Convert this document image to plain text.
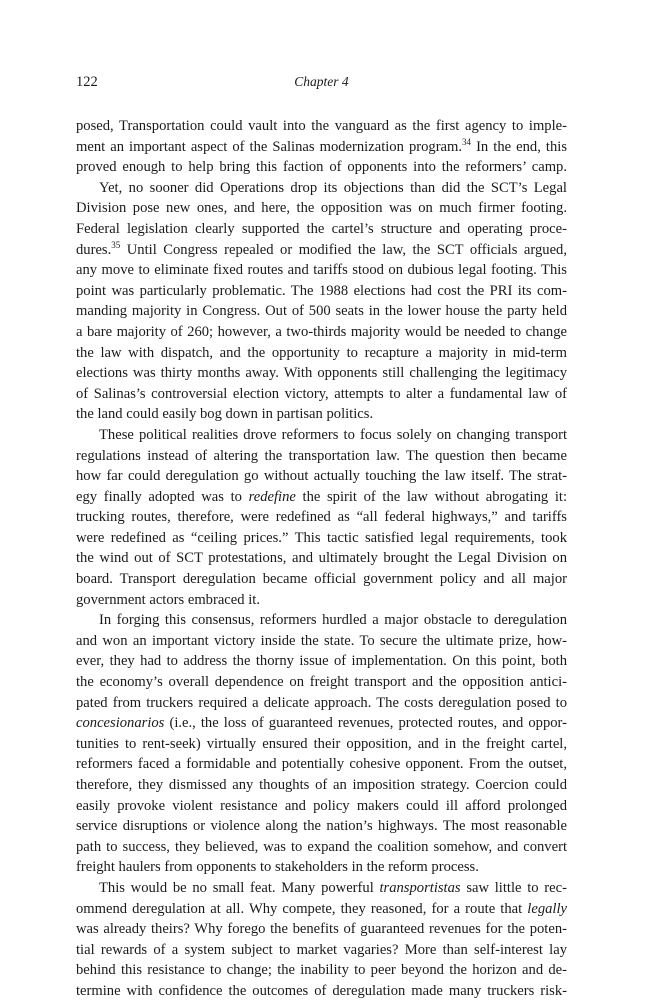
122	Chapter 4
posed, Transportation could vault into the vanguard as the first agency to imple-
ment an important aspect of the Salinas modernization program.$^{34}$ In the end, this
proved enough to help bring this faction of opponents into the reformers’ camp.
Yet, no sooner did Operations drop its objections than did the SCT’s Legal
Division pose new ones, and here, the opposition was on much firmer footing.
Federal legislation clearly supported the cartel’s structure and operating proce-
dures.$^{35}$ Until Congress repealed or modified the law, the SCT officials argued,
any move to eliminate fixed routes and tariffs stood on dubious legal footing. This
point was particularly problematic. The 1988 elections had cost the PRI its com-
manding majority in Congress. Out of 500 seats in the lower house the party held
a bare majority of 260; however, a two-thirds majority would be needed to change
the law with dispatch, and the opportunity to recapture a majority in mid-term
elections was thirty months away. With opponents still challenging the legitimacy
of Salinas’s controversial election victory, attempts to alter a fundamental law of
the land could easily bog down in partisan politics.
These political realities drove reformers to focus solely on changing transport
regulations instead of altering the transportation law. The question then became
how far could deregulation go without actually touching the law itself. The strat-
egy finally adopted was to redefine the spirit of the law without abrogating it:
trucking routes, therefore, were redefined as “all federal highways,” and tariffs
were redefined as “ceiling prices.” This tactic satisfied legal requirements, took
the wind out of SCT protestations, and ultimately brought the Legal Division on
board. Transport deregulation became official government policy and all major
government actors embraced it.
In forging this consensus, reformers hurdled a major obstacle to deregulation
and won an important victory inside the state. To secure the ultimate prize, how-
ever, they had to address the thorny issue of implementation. On this point, both
the economy’s overall dependence on freight transport and the opposition antici-
pated from truckers required a delicate approach. The costs deregulation posed to
concesionarios (i.e., the loss of guaranteed revenues, protected routes, and oppor-
tunities to rent-seek) virtually ensured their opposition, and in the freight cartel,
reformers faced a formidable and potentially cohesive opponent. From the outset,
therefore, they dismissed any thoughts of an imposition strategy. Coercion could
easily provoke violent resistance and policy makers could ill afford prolonged
service disruptions or violence along the nation’s highways. The most reasonable
path to success, they believed, was to expand the coalition somehow, and convert
freight haulers from opponents to stakeholders in the reform process.
This would be no small feat. Many powerful transportistas saw little to rec-
ommend deregulation at all. Why compete, they reasoned, for a route that legally
was already theirs? Why forego the benefits of guaranteed revenues for the poten-
tial rewards of a system subject to market vagaries? More than self-interest lay
behind this resistance to change; the inability to peer beyond the horizon and de-
termine with confidence the outcomes of deregulation made many truckers risk-
